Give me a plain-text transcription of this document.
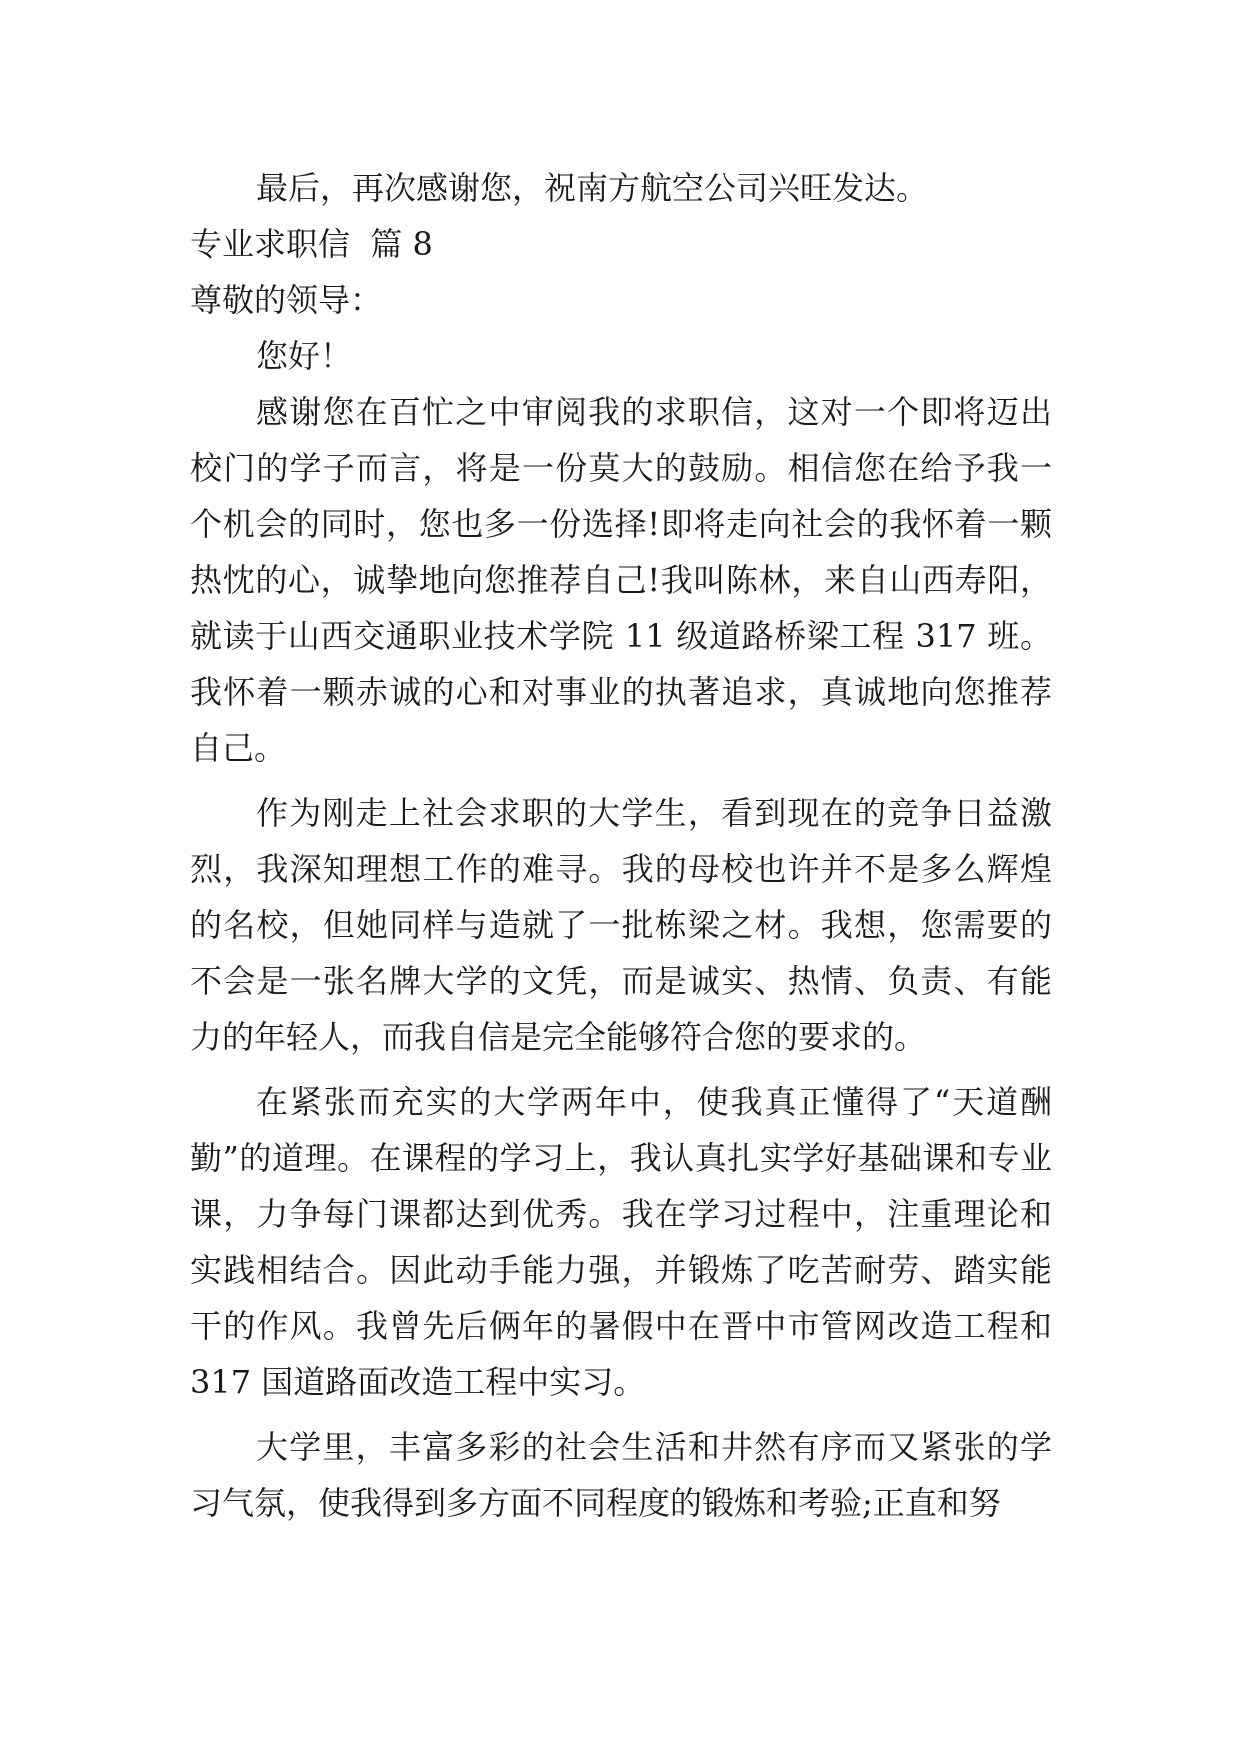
最后，再次感谢您，祝南方航空公司兴旺发达。

专业求职信  篇 8

尊敬的领导：

您好！

感谢您在百忙之中审阅我的求职信，这对一个即将迈出校门的学子而言，将是一份莫大的鼓励。相信您在给予我一个机会的同时，您也多一份选择!即将走向社会的我怀着一颗热忱的心，诚挚地向您推荐自己!我叫陈林，来自山西寿阳，就读于山西交通职业技术学院 11 级道路桥梁工程 317 班。我怀着一颗赤诚的心和对事业的执著追求，真诚地向您推荐自己。

作为刚走上社会求职的大学生，看到现在的竞争日益激烈，我深知理想工作的难寻。我的母校也许并不是多么辉煌的名校，但她同样与造就了一批栋梁之材。我想，您需要的不会是一张名牌大学的文凭，而是诚实、热情、负责、有能力的年轻人，而我自信是完全能够符合您的要求的。

在紧张而充实的大学两年中，使我真正懂得了“天道酬勤”的道理。在课程的学习上，我认真扎实学好基础课和专业课，力争每门课都达到优秀。我在学习过程中，注重理论和实践相结合。因此动手能力强，并锻炼了吃苦耐劳、踏实能干的作风。我曾先后俩年的暑假中在晋中市管网改造工程和 317 国道路面改造工程中实习。

大学里，丰富多彩的社会生活和井然有序而又紧张的学习气氛，使我得到多方面不同程度的锻炼和考验;正直和努
